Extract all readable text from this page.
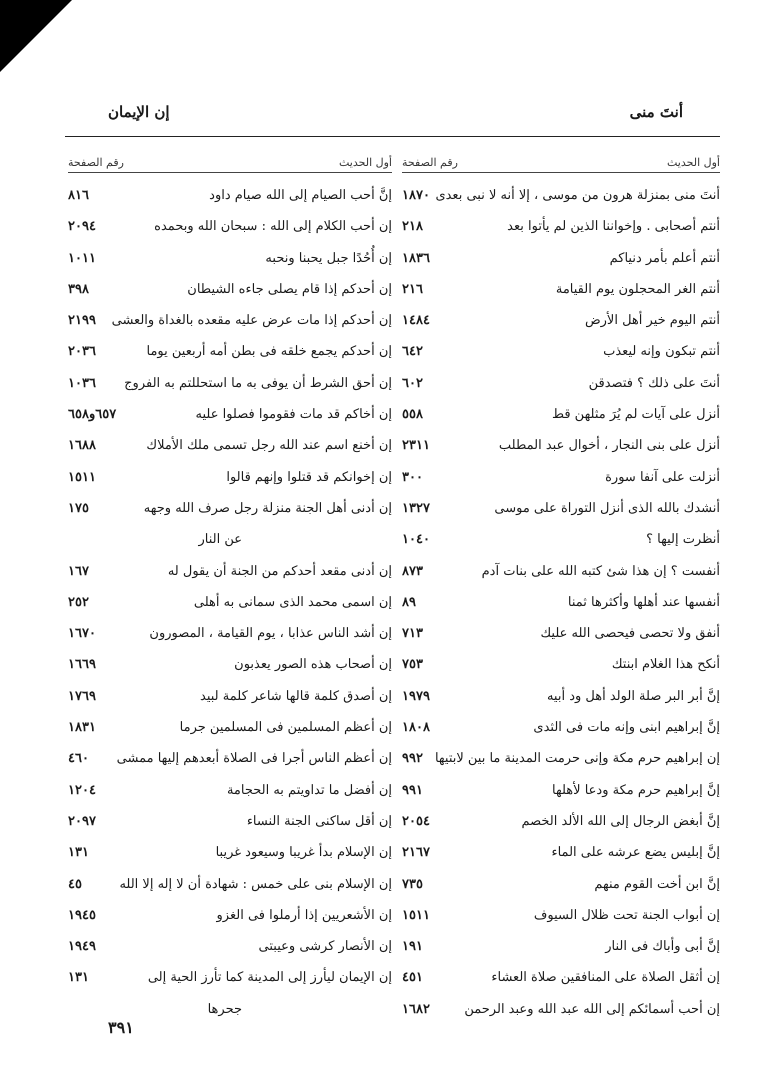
أنتَ منى
إن الإيمان
أول الحديث
رقم الصفحة
أنتَ منى بمنزلة هرون من موسى ، إلا أنه لا نبى بعدى
١٨٧٠
أنتم أصحابى . وإخواننا الذين لم يأتوا بعد
٢١٨
أنتم أعلم بأمر دنياكم
١٨٣٦
أنتم الغر المحجلون يوم القيامة
٢١٦
أنتم اليوم خير أهل الأرض
١٤٨٤
أنتم تبكون وإنه ليعذب
٦٤٢
أنتَ على ذلك ؟ فتصدقن
٦٠٢
أنزل على آيات لم يُرَ مثلهن قط
٥٥٨
أنزل على بنى النجار ، أخوال عبد المطلب
٢٣١١
أنزلت على آنفا سورة
٣٠٠
أنشدك بالله الذى أنزل التوراة على موسى
١٣٢٧
أنظرت إليها ؟
١٠٤٠
أنفست ؟ إن هذا شئ كتبه الله على بنات آدم
٨٧٣
أنفسها عند أهلها وأكثرها ثمنا
٨٩
أنفق ولا تحصى فيحصى الله عليك
٧١٣
أنكح هذا الغلام ابنتك
٧٥٣
إنَّ أبر البر صلة الولد أهل ود أبيه
١٩٧٩
إنَّ إبراهيم ابنى وإنه مات فى الثدى
١٨٠٨
إن إبراهيم حرم مكة وإنى حرمت المدينة ما بين لابتيها
٩٩٢
إنَّ إبراهيم حرم مكة ودعا لأهلها
٩٩١
إنَّ أبغض الرجال إلى الله الألد الخصم
٢٠٥٤
إنَّ إبليس يضع عرشه على الماء
٢١٦٧
إنَّ ابن أخت القوم منهم
٧٣٥
إن أبواب الجنة تحت ظلال السيوف
١٥١١
إنَّ أبى وأباك فى النار
١٩١
إن أثقل الصلاة على المنافقين صلاة العشاء
٤٥١
إن أحب أسمائكم إلى الله عبد الله وعبد الرحمن
١٦٨٢
أول الحديث
رقم الصفحة
إنَّ أحب الصيام إلى الله صيام داود
٨١٦
إن أحب الكلام إلى الله : سبحان الله وبحمده
٢٠٩٤
إن أُحُدًا جبل يحبنا ونحبه
١٠١١
إن أحدكم إذا قام يصلى جاءه الشيطان
٣٩٨
إن أحدكم إذا مات عرض عليه مقعده بالغداة والعشى
٢١٩٩
إن أحدكم يجمع خلقه فى بطن أمه أربعين يوما
٢٠٣٦
إن أحق الشرط أن يوفى به ما استحللتم به الفروج
١٠٣٦
إن أخاكم قد مات فقوموا فصلوا عليه
٦٥٧و٦٥٨
إن أخنع اسم عند الله رجل تسمى ملك الأملاك
١٦٨٨
إن إخوانكم قد قتلوا وإنهم قالوا
١٥١١
إن أدنى أهل الجنة منزلة رجل صرف الله وجهه
١٧٥
عن النار
إن أدنى مقعد أحدكم من الجنة أن يقول له
١٦٧
إن اسمى محمد الذى سمانى به أهلى
٢٥٢
إن أشد الناس عذابا ، يوم القيامة ، المصورون
١٦٧٠
إن أصحاب هذه الصور يعذبون
١٦٦٩
إن أصدق كلمة قالها شاعر كلمة لبيد
١٧٦٩
إن أعظم المسلمين فى المسلمين جرما
١٨٣١
إن أعظم الناس أجرا فى الصلاة أبعدهم إليها ممشى
٤٦٠
إن أفضل ما تداويتم به الحجامة
١٢٠٤
إن أقل ساكنى الجنة النساء
٢٠٩٧
إن الإسلام بدأ غريبا وسيعود غريبا
١٣١
إن الإسلام بنى على خمس : شهادة أن لا إله إلا الله
٤٥
إن الأشعريين إذا أرملوا فى الغزو
١٩٤٥
إن الأنصار كرشى وعيبتى
١٩٤٩
إن الإيمان ليأرز إلى المدينة كما تأرز الحية إلى
١٣١
جحرها
٣٩١
